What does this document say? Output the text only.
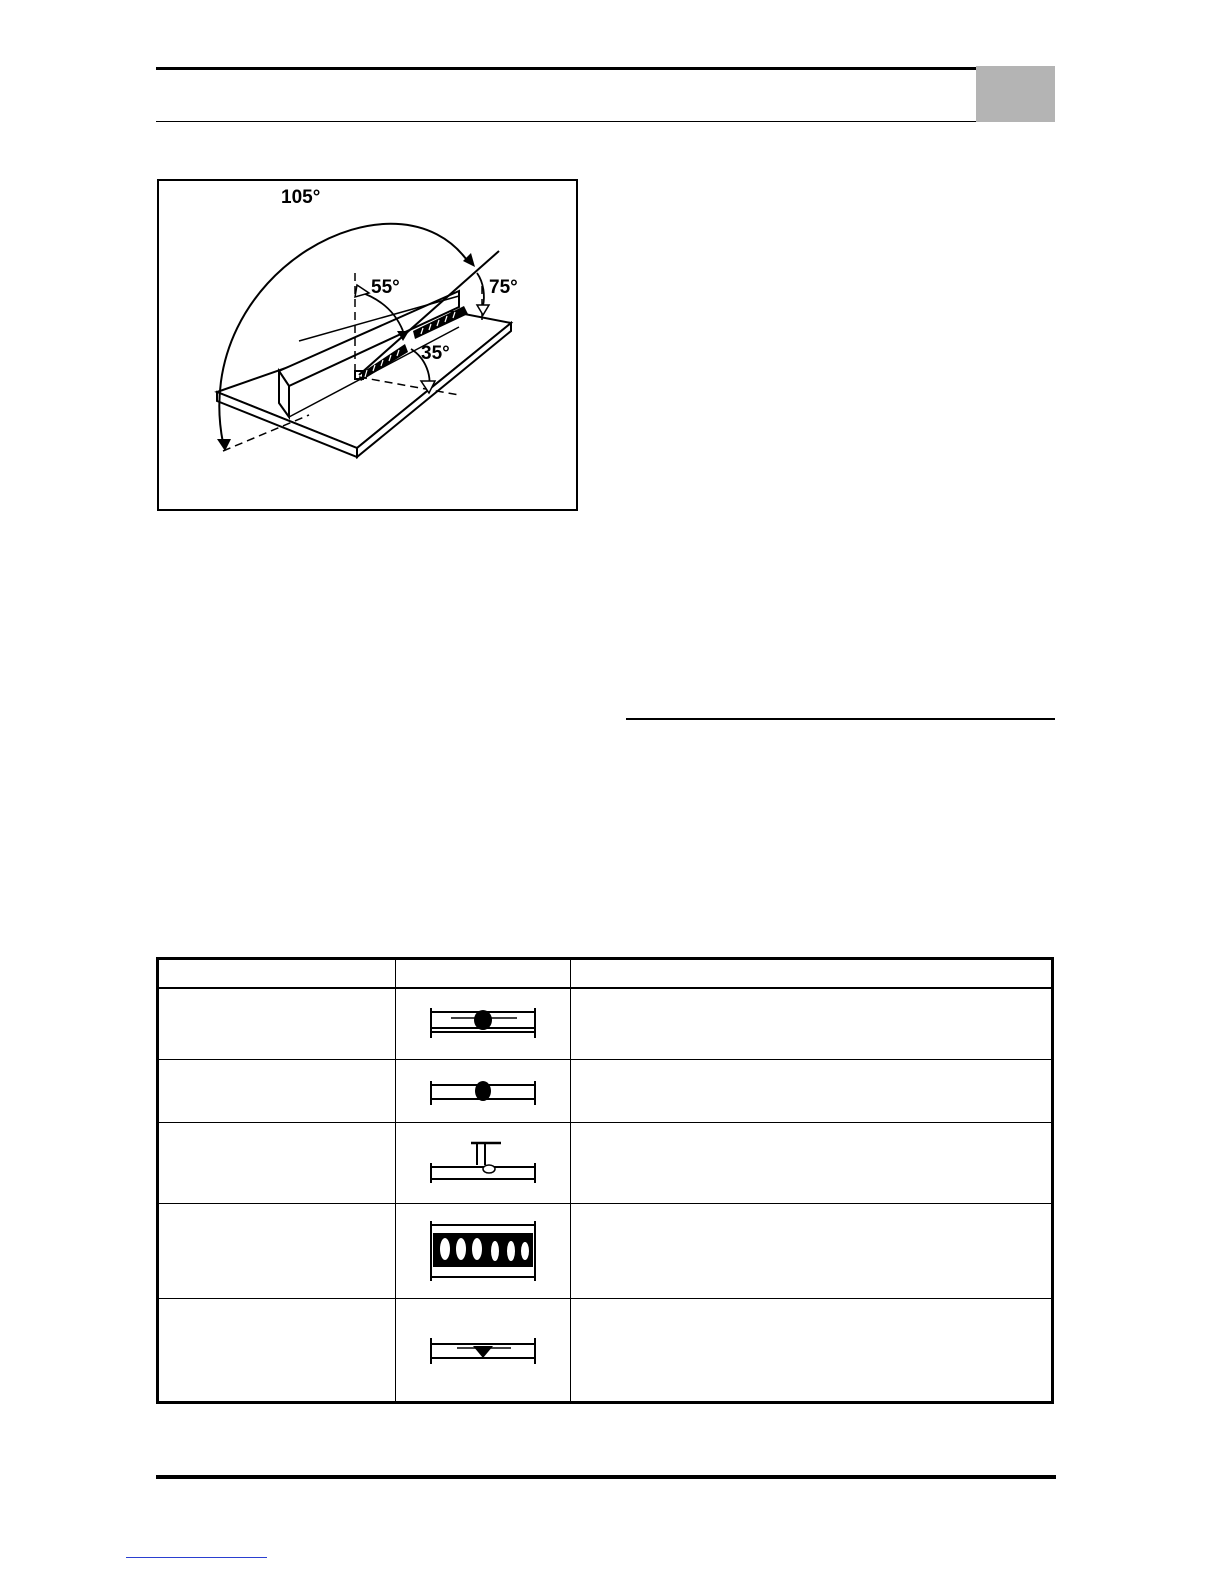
105°
55°	75°
35°
